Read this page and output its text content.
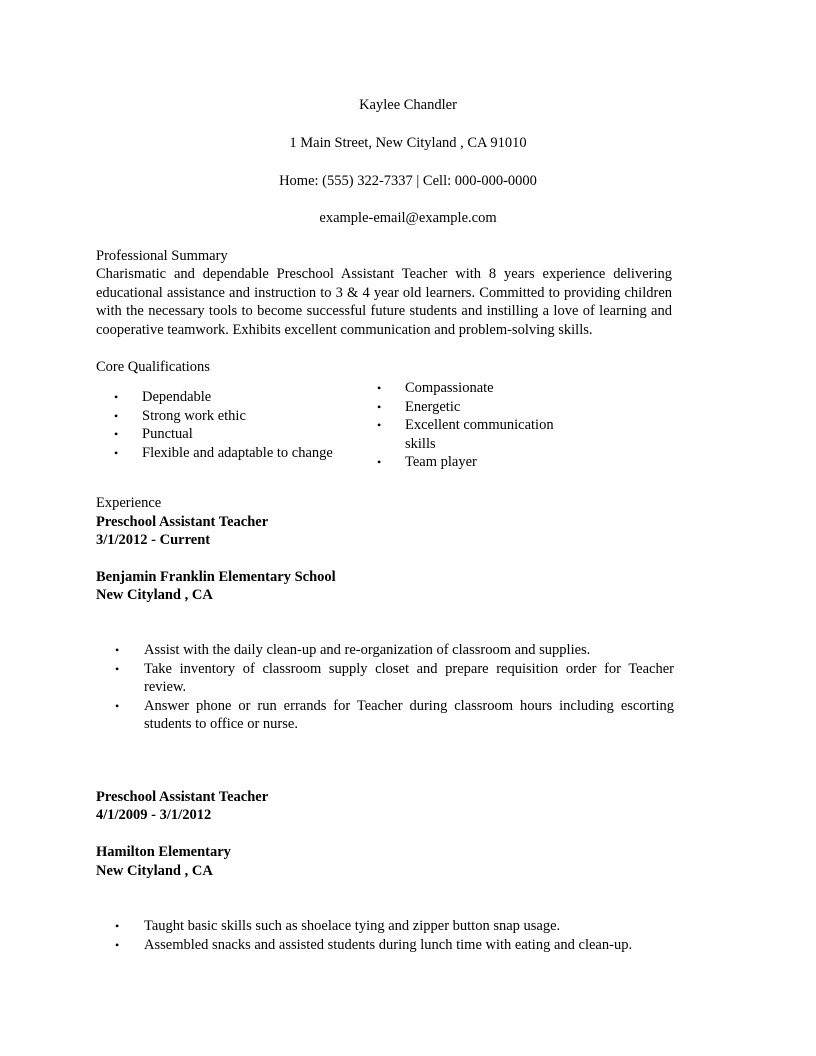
Kaylee Chandler
1 Main Street, New Cityland , CA 91010
Home: (555) 322-7337 | Cell: 000-000-0000
example-email@example.com
Professional Summary
Charismatic and dependable Preschool Assistant Teacher with 8 years experience delivering educational assistance and instruction to 3 & 4 year old learners. Committed to providing children with the necessary tools to become successful future students and instilling a love of learning and cooperative teamwork. Exhibits excellent communication and problem-solving skills.
Core Qualifications
• Dependable
• Strong work ethic
• Punctual
• Flexible and adaptable to change
• Compassionate
• Energetic
• Excellent communication skills
• Team player
Experience
Preschool Assistant Teacher
3/1/2012 - Current
Benjamin Franklin Elementary School
New Cityland , CA
• Assist with the daily clean-up and re-organization of classroom and supplies.
• Take inventory of classroom supply closet and prepare requisition order for Teacher review.
• Answer phone or run errands for Teacher during classroom hours including escorting students to office or nurse.
Preschool Assistant Teacher
4/1/2009 - 3/1/2012
Hamilton Elementary
New Cityland , CA
• Taught basic skills such as shoelace tying and zipper button snap usage.
• Assembled snacks and assisted students during lunch time with eating and clean-up.
